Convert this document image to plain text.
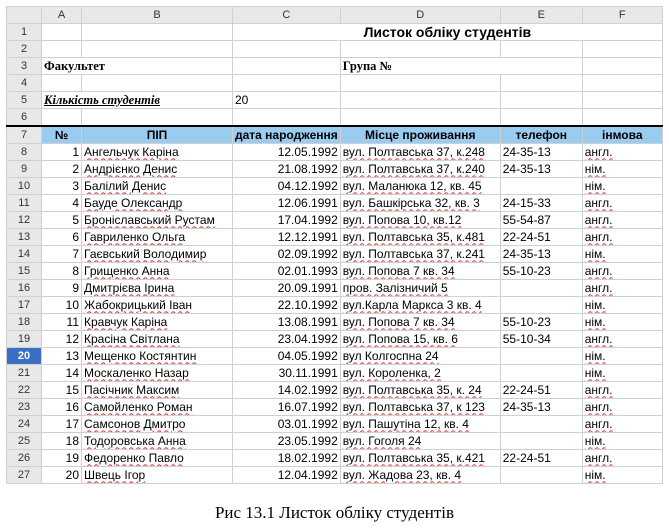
	A	B	C	D	E	F
1			Листок обліку студентів			
2						
3	Факультет			Група №		
4						
5	Кількість студентів		20			
6						
7	№	ПІП	дата народження	Місце проживання	телефон	інмова
8	1	Ангельчук Каріна	12.05.1992	вул. Полтавська 37, к.248	24-35-13	англ.
9	2	Андрієнко Денис	21.08.1992	вул. Полтавська 37, к.240	24-35-13	нім.
10	3	Балілий Денис	04.12.1992	вул. Маланюка 12, кв. 45		нім.
11	4	Бауде Олександр	12.06.1991	вул. Башкірська 32, кв. 3	24-15-33	англ.
12	5	Броніславський Рустам	17.04.1992	вул. Попова 10, кв.12	55-54-87	англ.
13	6	Гавриленко Ольга	12.12.1991	вул. Полтавська 35, к.481	22-24-51	англ.
14	7	Гаєвський Володимир	02.09.1992	вул. Полтавська 37, к.241	24-35-13	нім.
15	8	Грищенко Анна	02.01.1993	вул. Попова 7 кв. 34	55-10-23	англ.
16	9	Дмитрієва Ірина	20.09.1991	пров. Залізничий 5		англ.
17	10	Жабокрицький Іван	22.10.1992	вул.Карла Маркса 3 кв. 4		нім.
18	11	Кравчук Каріна	13.08.1991	вул. Попова 7 кв. 34	55-10-23	нім.
19	12	Красіна Світлана	23.04.1992	вул. Попова 15, кв. 6	55-10-34	англ.
20	13	Мещенко Костянтин	04.05.1992	вул Колгоспна 24		нім.
21	14	Москаленко Назар	30.11.1991	вул. Короленка, 2		нім.
22	15	Пасічник Максим	14.02.1992	вул. Полтавська 35, к. 24	22-24-51	англ.
23	16	Самойленко Роман	16.07.1992	вул. Полтавська 37, к 123	24-35-13	англ.
24	17	Самсонов Дмитро	03.01.1992	вул. Пашутіна 12, кв. 4		англ.
25	18	Тодоровська Анна	23.05.1992	вул. Гоголя 24		нім.
26	19	Федоренко Павло	18.02.1992	вул. Полтавська 35, к.421	22-24-51	англ.
27	20	Швець Ігор	12.04.1992	вул. Жадова 23, кв. 4		нім.
Рис 13.1 Листок обліку студентів
